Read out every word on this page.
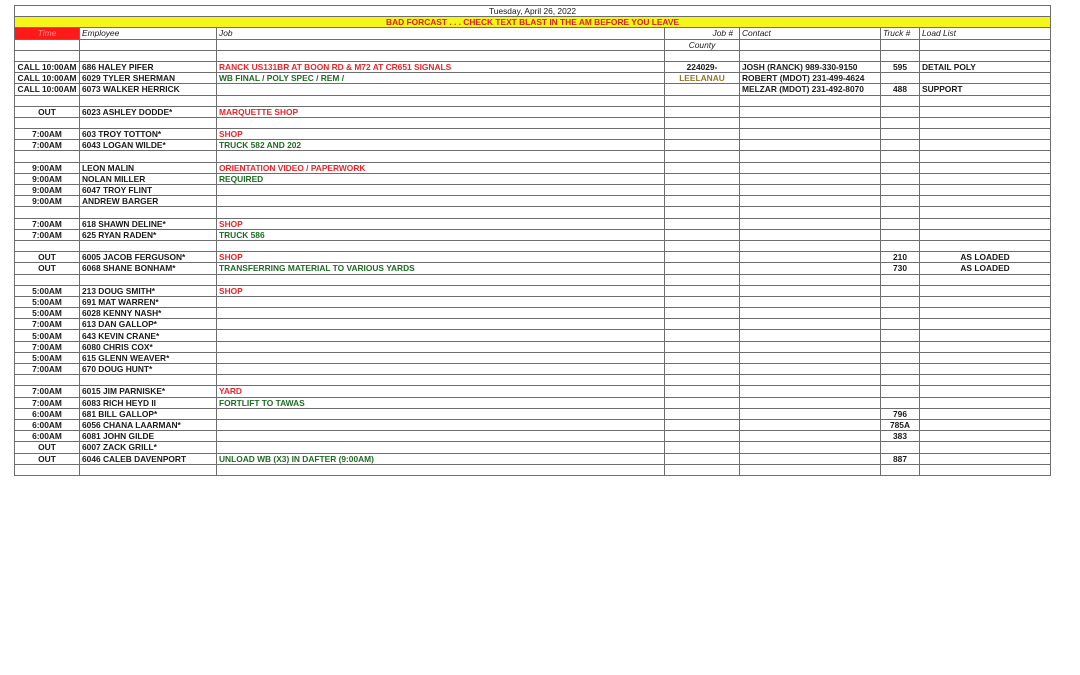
Tuesday, April 26, 2022						
BAD FORCAST . . . CHECK TEXT BLAST IN THE AM BEFORE YOU LEAVE						
Time	Employee	Job	Job #	Contact	Truck #	Load List
			County			

CALL 10:00AM	686 HALEY PIFER	RANCK US131BR AT BOON RD & M72 AT CR651 SIGNALS	224029-	JOSH (RANCK) 989-330-9150	595	DETAIL POLY
CALL 10:00AM	6029 TYLER SHERMAN	WB FINAL / POLY SPEC / REM /	LEELANAU	ROBERT (MDOT) 231-499-4624		
CALL 10:00AM	6073 WALKER HERRICK			MELZAR (MDOT) 231-492-8070	488	SUPPORT

OUT	6023 ASHLEY DODDE*	MARQUETTE SHOP				

7:00AM	603 TROY TOTTON*	SHOP				
7:00AM	6043 LOGAN WILDE*	TRUCK 582 AND 202				

9:00AM	LEON MALIN	ORIENTATION VIDEO / PAPERWORK				
9:00AM	NOLAN MILLER	REQUIRED				
9:00AM	6047 TROY FLINT					
9:00AM	ANDREW BARGER					

7:00AM	618 SHAWN DELINE*	SHOP				
7:00AM	625 RYAN RADEN*	TRUCK 586				

OUT	6005 JACOB FERGUSON*	SHOP			210	AS LOADED
OUT	6068 SHANE BONHAM*	TRANSFERRING MATERIAL TO VARIOUS YARDS			730	AS LOADED

5:00AM	213 DOUG SMITH*	SHOP				
5:00AM	691 MAT WARREN*					
5:00AM	6028 KENNY NASH*					
7:00AM	613 DAN GALLOP*					
5:00AM	643 KEVIN CRANE*					
7:00AM	6080 CHRIS COX*					
5:00AM	615 GLENN WEAVER*					
7:00AM	670 DOUG HUNT*					

7:00AM	6015 JIM PARNISKE*	YARD				
7:00AM	6083 RICH HEYD II	FORTLIFT TO TAWAS				
6:00AM	681 BILL GALLOP*				796	
6:00AM	6056 CHANA LAARMAN*				785A	
6:00AM	6081 JOHN GILDE				383	
OUT	6007 ZACK GRILL*					
OUT	6046 CALEB DAVENPORT	UNLOAD WB (X3) IN DAFTER (9:00AM)			887	
